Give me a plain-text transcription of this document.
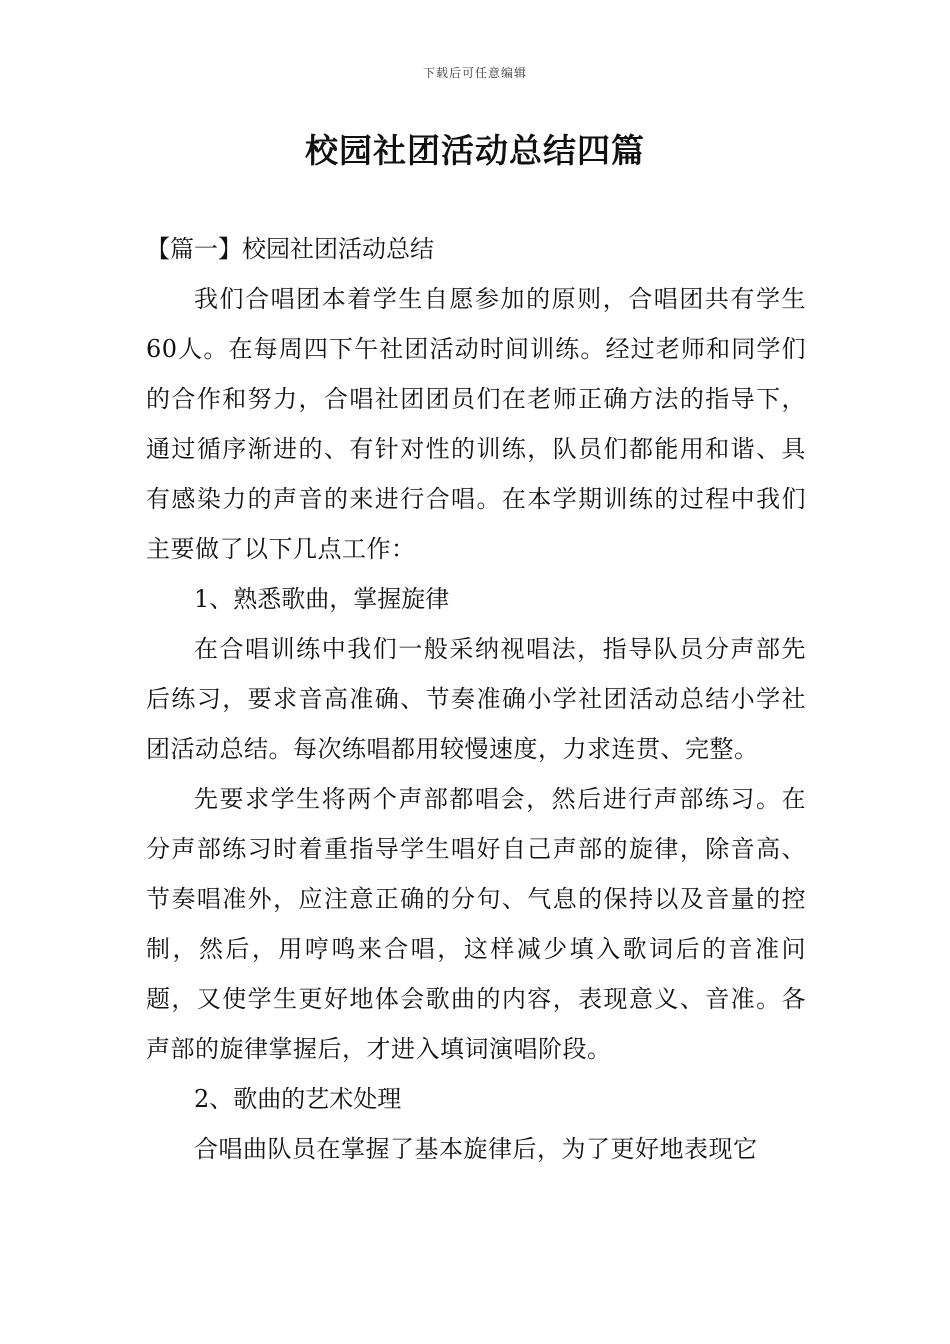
下载后可任意编辑
校园社团活动总结四篇

【篇一】校园社团活动总结

我们合唱团本着学生自愿参加的原则，合唱团共有学生60人。在每周四下午社团活动时间训练。经过老师和同学们的合作和努力，合唱社团团员们在老师正确方法的指导下，通过循序渐进的、有针对性的训练，队员们都能用和谐、具有感染力的声音的来进行合唱。在本学期训练的过程中我们主要做了以下几点工作：

1、熟悉歌曲，掌握旋律

在合唱训练中我们一般采纳视唱法，指导队员分声部先后练习，要求音高准确、节奏准确小学社团活动总结小学社团活动总结。每次练唱都用较慢速度，力求连贯、完整。

先要求学生将两个声部都唱会，然后进行声部练习。在分声部练习时着重指导学生唱好自己声部的旋律，除音高、节奏唱准外，应注意正确的分句、气息的保持以及音量的控制，然后，用哼鸣来合唱，这样减少填入歌词后的音准问题，又使学生更好地体会歌曲的内容，表现意义、音准。各声部的旋律掌握后，才进入填词演唱阶段。

2、歌曲的艺术处理

合唱曲队员在掌握了基本旋律后，为了更好地表现它
